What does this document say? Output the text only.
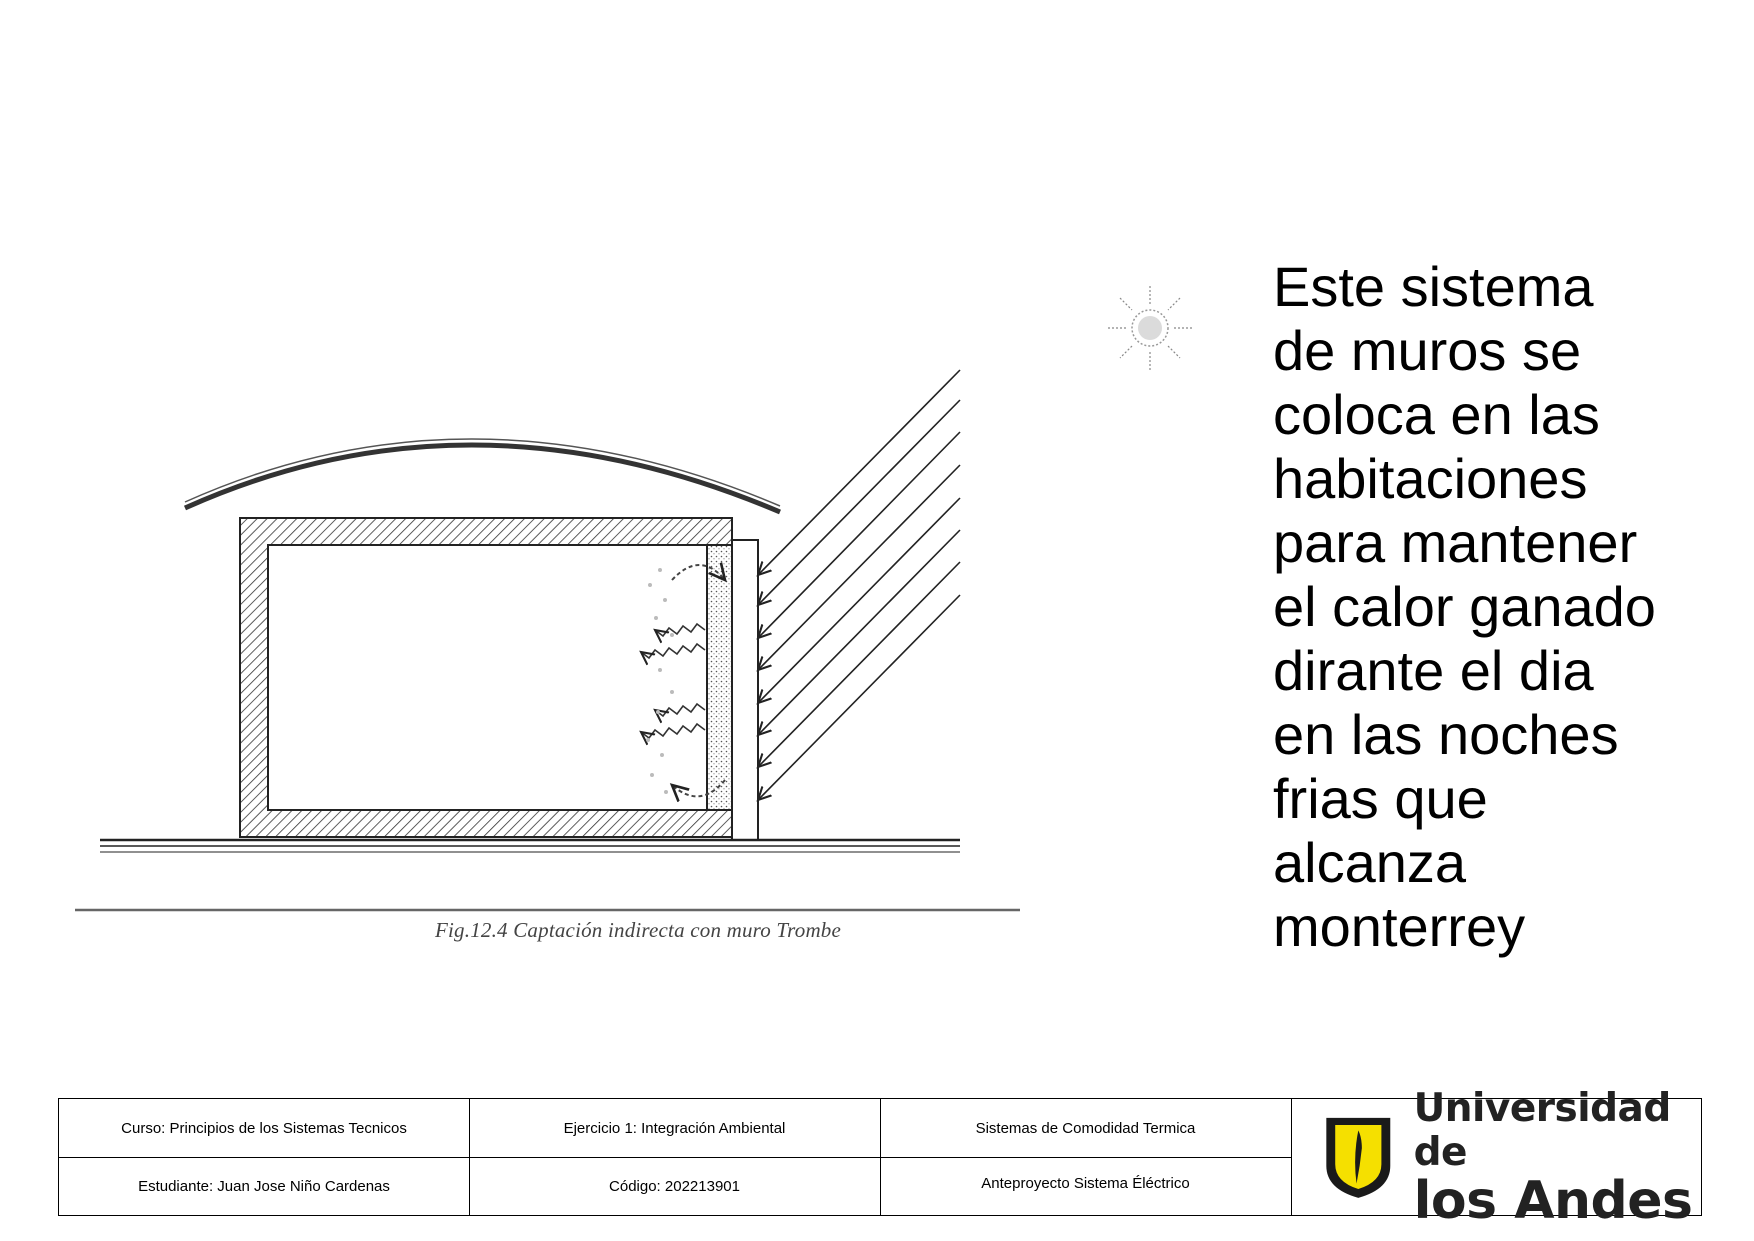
Fig.12.4 Captación indirecta con muro Trombe
Este sistema
de muros se
coloca en las
habitaciones
para mantener
el calor ganado
dirante el dia
en las noches
frias que
alcanza
monterrey
Curso: Principios de los Sistemas Tecnicos	Ejercicio 1: Integración Ambiental	Sistemas de Comodidad Termica
Estudiante: Juan Jose Niño Cardenas	Código: 202213901	Anteproyecto Sistema Éléctrico
Universidad de
los Andes
